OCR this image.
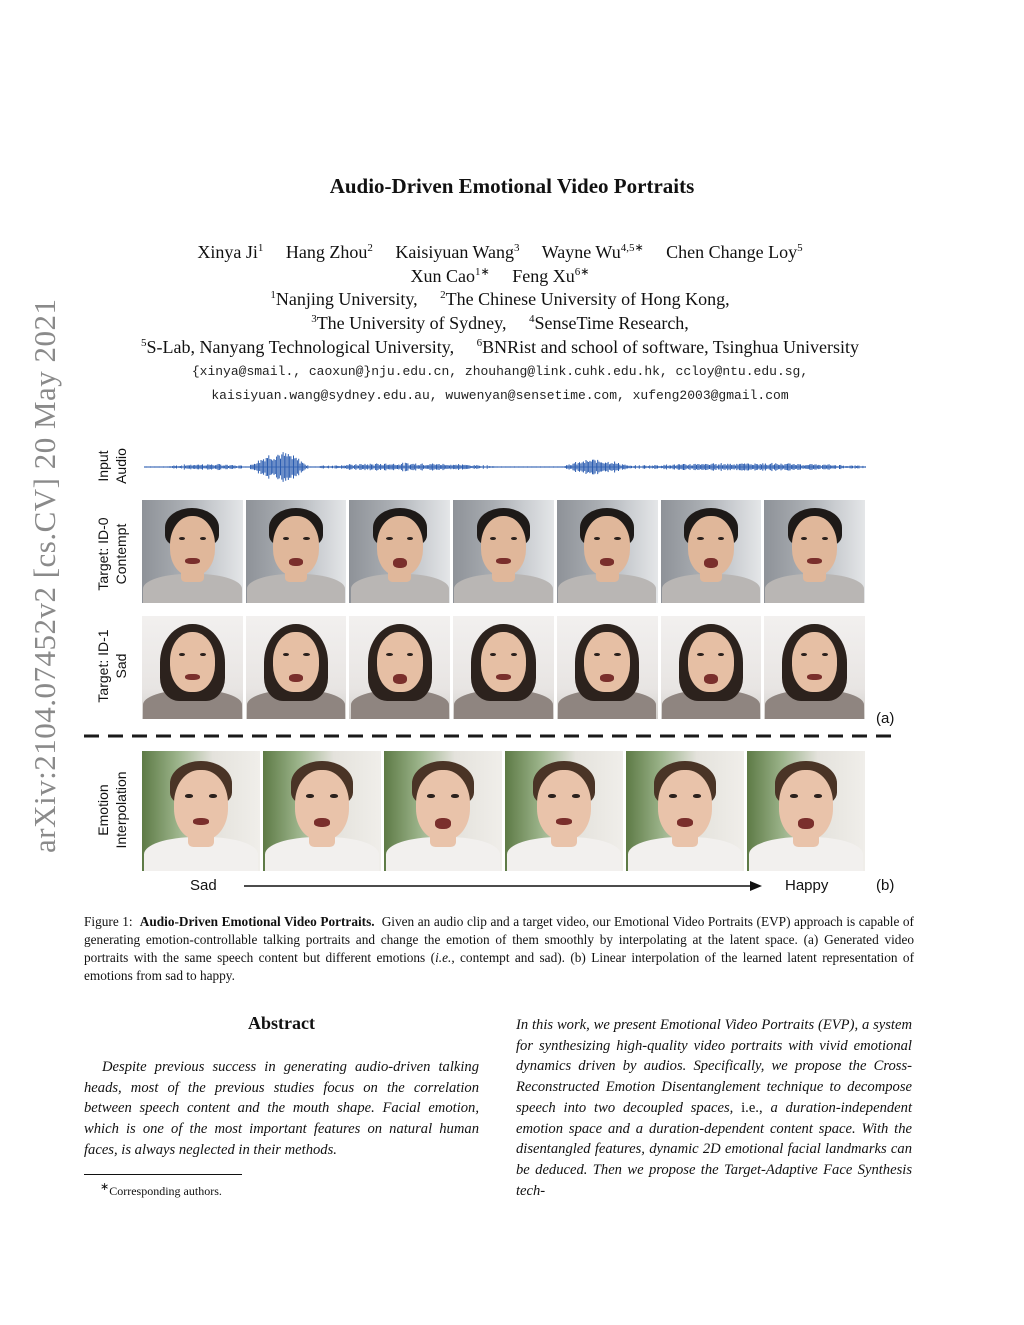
arXiv:2104.07452v2 [cs.CV] 20 May 2021
Audio-Driven Emotional Video Portraits
Xinya Ji$^1$ Hang Zhou$^2$ Kaisiyuan Wang$^3$ Wayne $Wu^{4,5∗}$ Chen Change Loy$^5$
Xun Cao$^{1∗}$ Feng $Xu^{6∗}$
$^1$Nanjing University, $^2$The Chinese University of Hong Kong,
$^3$The University of Sydney, $^4$SenseTime Research,
$^5$S-Lab, Nanyang Technological University, $^6$BNRist and school of software, Tsinghua University
{xinya@smail., caoxun@}nju.edu.cn, zhouhang@link.cuhk.edu.hk, ccloy@ntu.edu.sg,
kaisiyuan.wang@sydney.edu.au, wuwenyan@sensetime.com, xufeng2003@gmail.com
Input Audio
Target: ID-0 Contempt
Target: ID-1 Sad
Emotion Interpolation
(a)
Sad	Happy	(b)
Figure 1: Audio-Driven Emotional Video Portraits. Given an audio clip and a target video, our Emotional Video Portraits (EVP) approach is capable of generating emotion-controllable talking portraits and change the emotion of them smoothly by interpolating at the latent space. (a) Generated video portraits with the same speech content but different emotions (i.e., contempt and sad). (b) Linear interpolation of the learned latent representation of emotions from sad to happy.
Abstract
Despite previous success in generating audio-driven talking heads, most of the previous studies focus on the correlation between speech content and the mouth shape. Facial emotion, which is one of the most important features on natural human faces, is always neglected in their methods.
∗Corresponding authors.
In this work, we present Emotional Video Portraits (EVP), a system for synthesizing high-quality video portraits with vivid emotional dynamics driven by audios. Specifically, we propose the Cross-Reconstructed Emotion Disentanglement technique to decompose speech into two decoupled spaces, i.e., a duration-independent emotion space and a duration-dependent content space. With the disentangled features, dynamic 2D emotional facial landmarks can be deduced. Then we propose the Target-Adaptive Face Synthesis tech-
